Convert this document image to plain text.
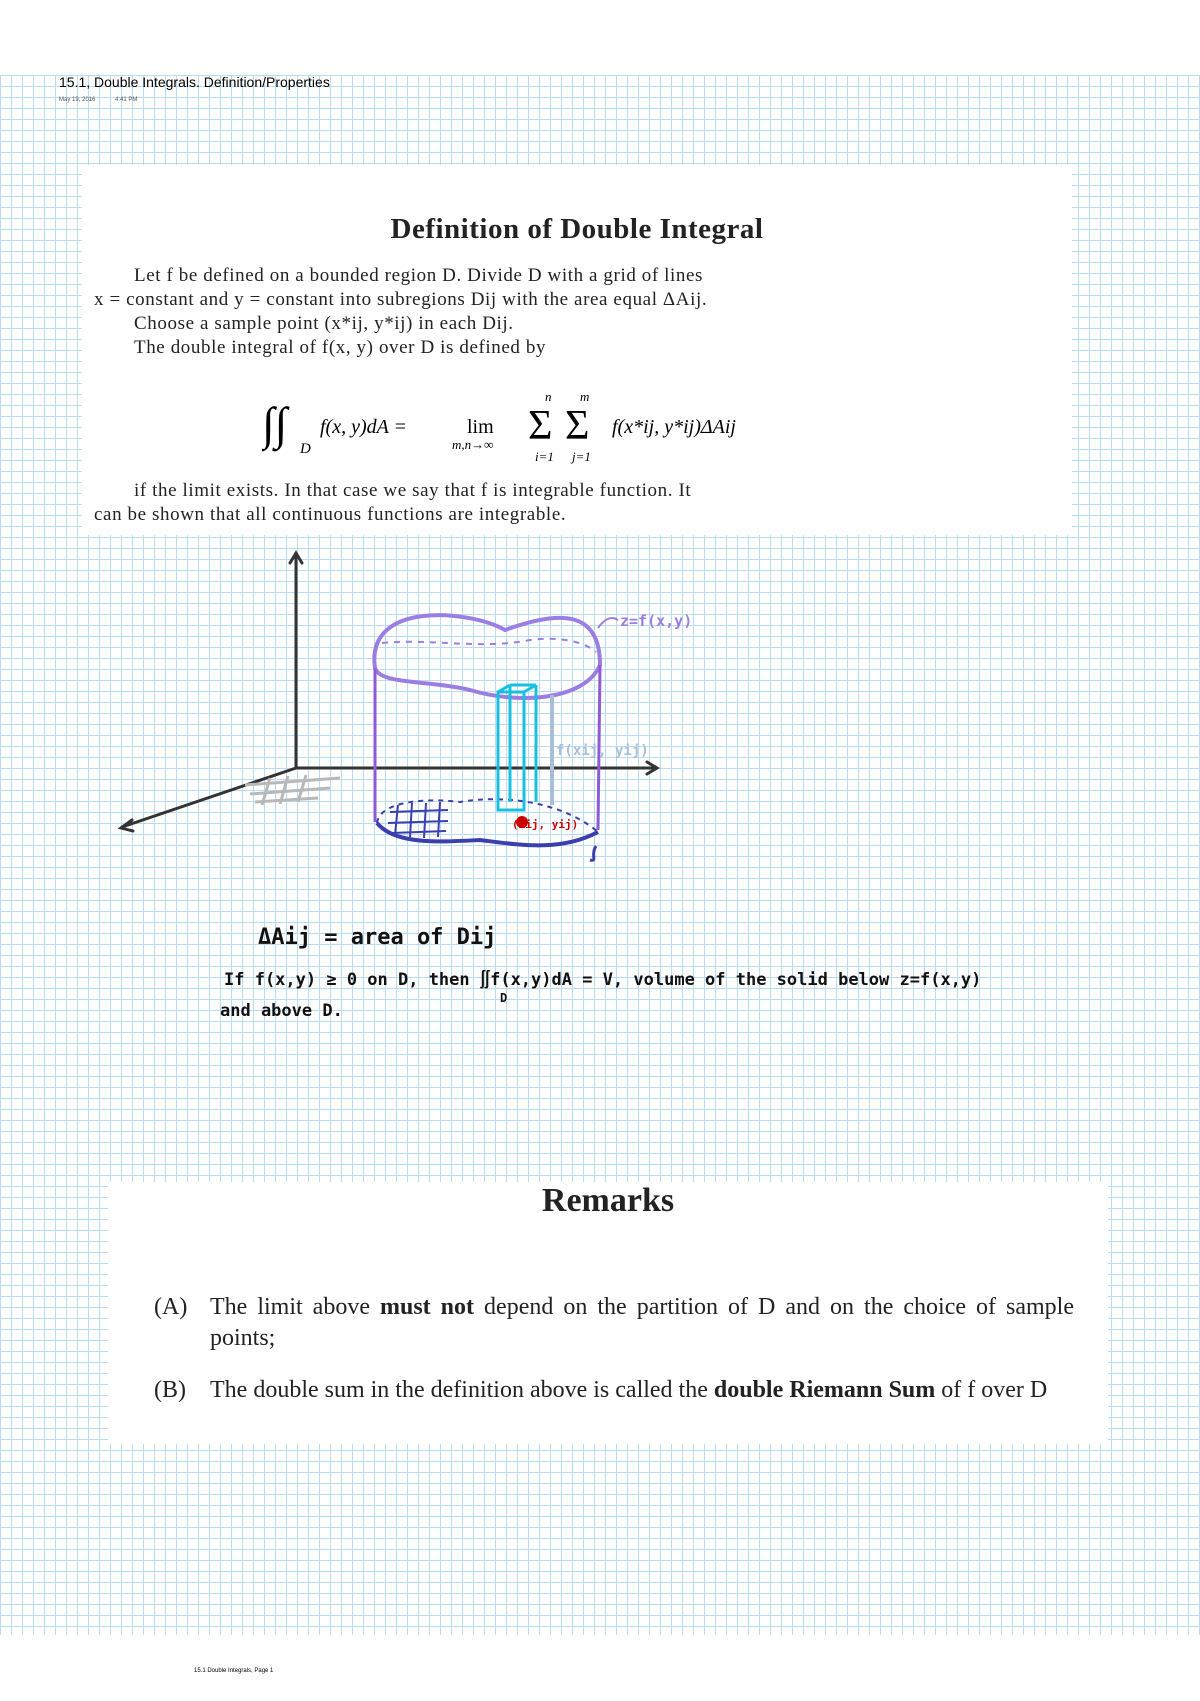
15.1, Double Integrals. Definition/Properties
May 19, 2016	4:41 PM
Definition of Double Integral
Let f be defined on a bounded region D. Divide D with a grid of lines
x = constant and y = constant into subregions Dij with the area equal ΔAij.
Choose a sample point (x*ij, y*ij) in each Dij.
The double integral of f(x, y) over D is defined by
∫∫ D
f(x, y)dA =	lim
m,n→∞
n
Σ
i=1
m
Σ
j=1
f(x*ij, y*ij)ΔAij
if the limit exists. In that case we say that f is integrable function. It
can be shown that all continuous functions are integrable.
z=f(x,y)
f(xij, yij)
(xij, yij)
ΔAij = area of Dij
If f(x,y) ≥ 0 on D, then ∬f(x,y)dA = V, volume of the solid below z=f(x,y)
D
and above D.
Remarks
(A) The limit above must not depend on the partition of D and on the choice of sample points;
(B) The double sum in the definition above is called the double Riemann Sum of f over D
15.1 Double Integrals, Page 1
